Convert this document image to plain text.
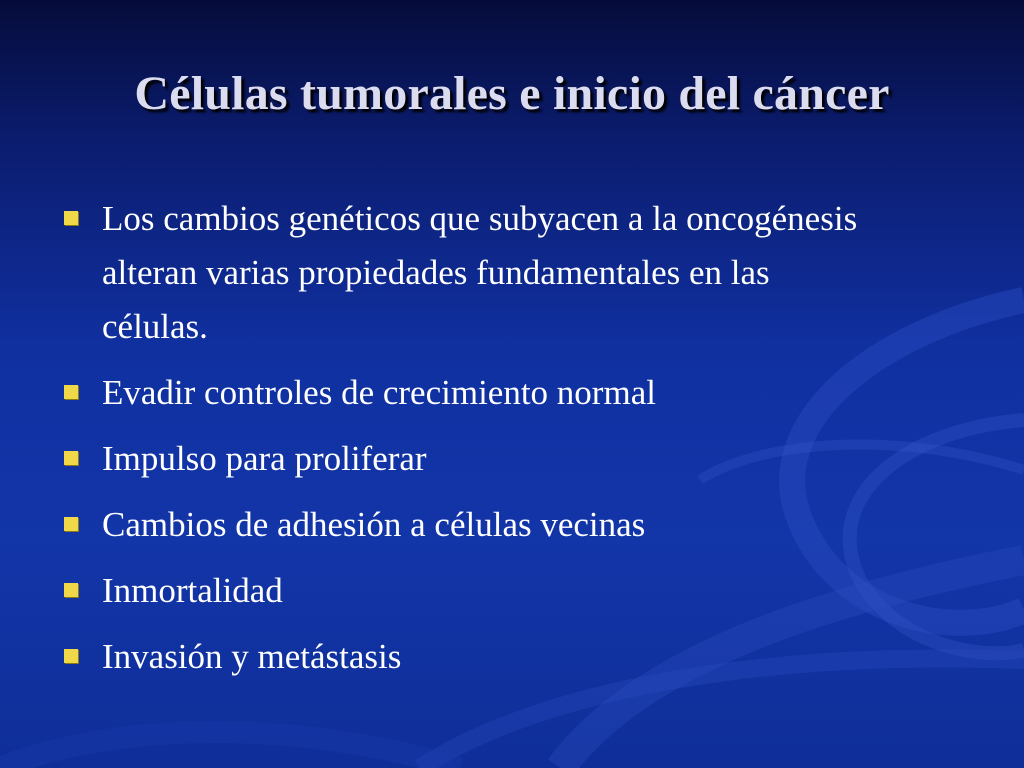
Células tumorales e inicio del cáncer
Los cambios genéticos que subyacen a la oncogénesis alteran varias propiedades fundamentales en las células.
Evadir controles de crecimiento normal
Impulso para proliferar
Cambios de adhesión a células vecinas
Inmortalidad
Invasión y metástasis
